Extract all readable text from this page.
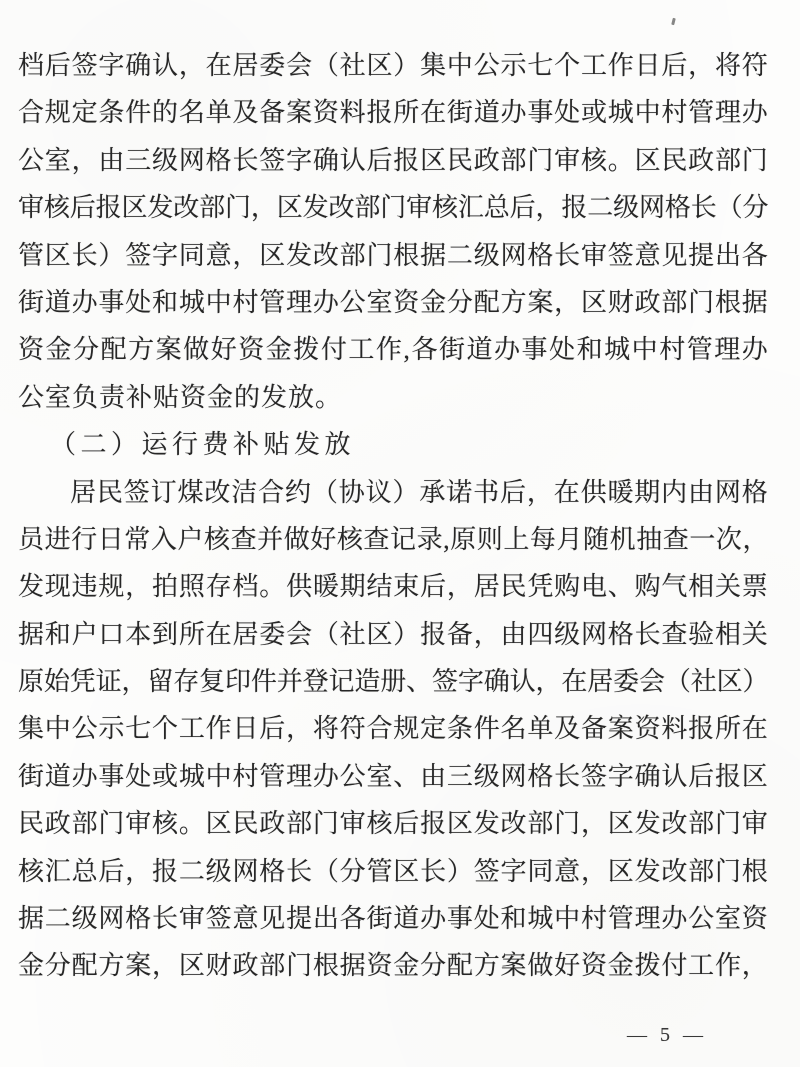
档后签字确认，在居委会（社区）集中公示七个工作日后，将符
合规定条件的名单及备案资料报所在街道办事处或城中村管理办
公室，由三级网格长签字确认后报区民政部门审核。区民政部门
审核后报区发改部门，区发改部门审核汇总后，报二级网格长（分
管区长）签字同意，区发改部门根据二级网格长审签意见提出各
街道办事处和城中村管理办公室资金分配方案，区财政部门根据
资金分配方案做好资金拨付工作,各街道办事处和城中村管理办
公室负责补贴资金的发放。
（二）运行费补贴发放
居民签订煤改洁合约（协议）承诺书后，在供暖期内由网格
员进行日常入户核查并做好核查记录,原则上每月随机抽查一次，
发现违规，拍照存档。供暖期结束后，居民凭购电、购气相关票
据和户口本到所在居委会（社区）报备，由四级网格长查验相关
原始凭证，留存复印件并登记造册、签字确认，在居委会（社区）
集中公示七个工作日后，将符合规定条件名单及备案资料报所在
街道办事处或城中村管理办公室、由三级网格长签字确认后报区
民政部门审核。区民政部门审核后报区发改部门，区发改部门审
核汇总后，报二级网格长（分管区长）签字同意，区发改部门根
据二级网格长审签意见提出各街道办事处和城中村管理办公室资
金分配方案，区财政部门根据资金分配方案做好资金拨付工作，
— 5 —
